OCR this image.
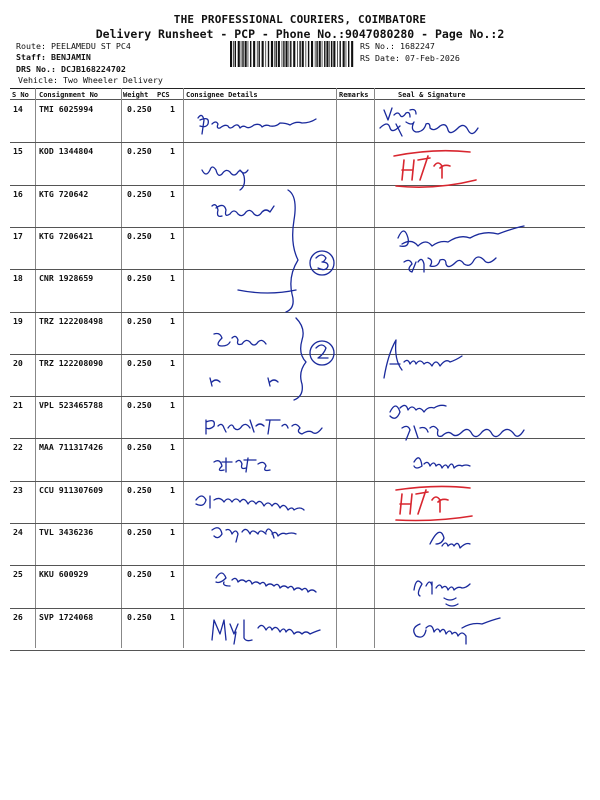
THE PROFESSIONAL COURIERS, COIMBATORE
Delivery Runsheet - PCP - Phone No.:9047080280 - Page No.:2
Route: PEELAMEDU ST PC4
Staff: BENJAMIN
DRS No.: DCJB168224702
Vehicle: Two Wheeler Delivery
RS No.: 1682247
RS Date: 07-Feb-2026
S No Consignment No	Weight PCS Consignee Details	Remarks	Seal & Signature
14 TMI 6025994	0.250 1
15 KOD 1344804	0.250 1
16 KTG 720642	0.250 1
17 KTG 7206421	0.250 1
18 CNR 1928659	0.250 1
19 TRZ 122208498	0.250 1
20 TRZ 122208090	0.250 1
21 VPL 523465788	0.250 1
22 MAA 711317426	0.250 1
23 CCU 911307609	0.250 1
24 TVL 3436236	0.250 1
25 KKU 600929	0.250 1
26 SVP 1724068	0.250 1
